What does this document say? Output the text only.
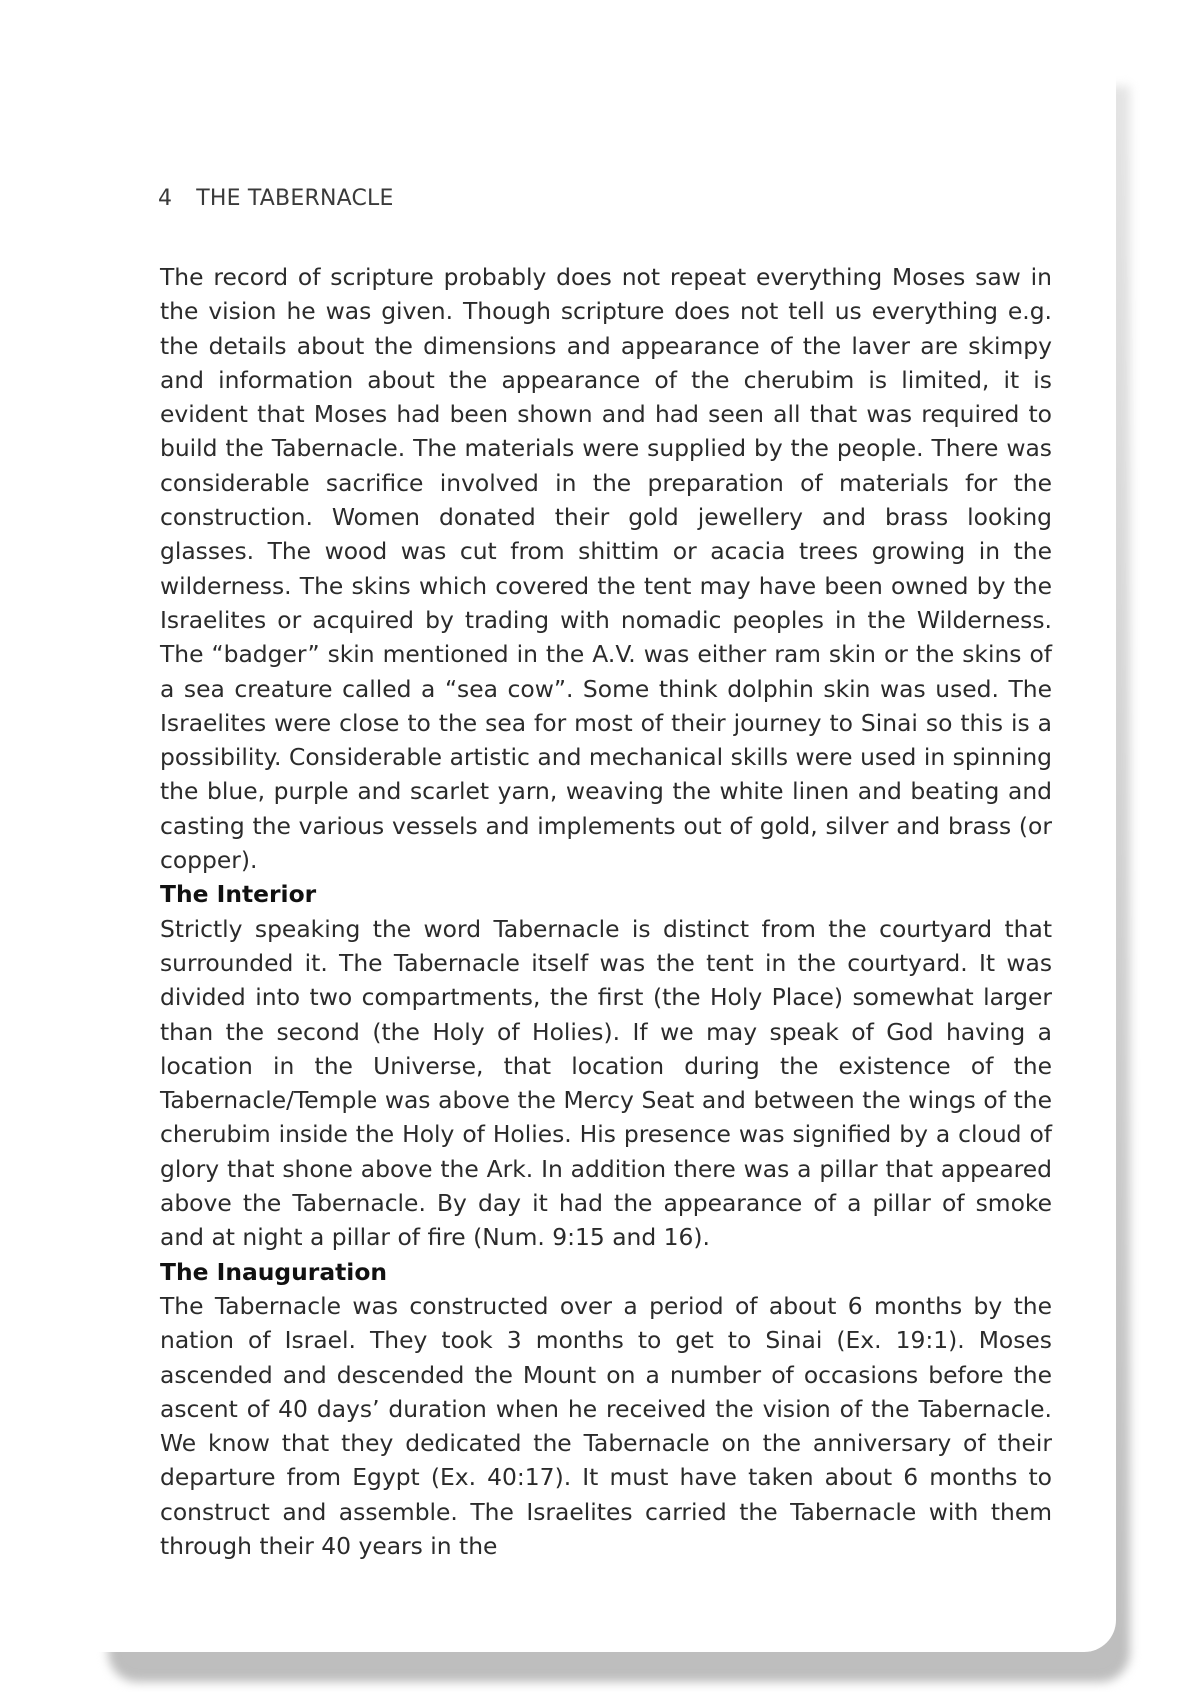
4 THE TABERNACLE

The record of scripture probably does not repeat everything Moses saw in the vision he was given. Though scripture does not tell us everything e.g. the details about the dimensions and appearance of the laver are skimpy and information about the appearance of the cherubim is limited, it is evident that Moses had been shown and had seen all that was required to build the Tabernacle. The materials were supplied by the people. There was considerable sacrifice involved in the preparation of materials for the construction. Women donated their gold jewellery and brass looking glasses. The wood was cut from shittim or acacia trees growing in the wilderness. The skins which covered the tent may have been owned by the Israelites or acquired by trading with nomadic peoples in the Wilderness. The “badger” skin mentioned in the A.V. was either ram skin or the skins of a sea creature called a “sea cow”. Some think dolphin skin was used. The Israelites were close to the sea for most of their journey to Sinai so this is a possibility. Considerable artistic and mechanical skills were used in spinning the blue, purple and scarlet yarn, weaving the white linen and beating and casting the various vessels and implements out of gold, silver and brass (or copper).

The Interior

Strictly speaking the word Tabernacle is distinct from the courtyard that surrounded it. The Tabernacle itself was the tent in the courtyard. It was divided into two compartments, the first (the Holy Place) somewhat larger than the second (the Holy of Holies). If we may speak of God having a location in the Universe, that location during the existence of the Tabernacle/Temple was above the Mercy Seat and between the wings of the cherubim inside the Holy of Holies. His presence was signified by a cloud of glory that shone above the Ark. In addition there was a pillar that appeared above the Tabernacle. By day it had the appearance of a pillar of smoke and at night a pillar of fire (Num. 9:15 and 16).

The Inauguration

The Tabernacle was constructed over a period of about 6 months by the nation of Israel. They took 3 months to get to Sinai (Ex. 19:1). Moses ascended and descended the Mount on a number of occasions before the ascent of 40 days’ duration when he received the vision of the Tabernacle. We know that they dedicated the Tabernacle on the anniversary of their departure from Egypt (Ex. 40:17). It must have taken about 6 months to construct and assemble. The Israelites carried the Tabernacle with them through their 40 years in the
